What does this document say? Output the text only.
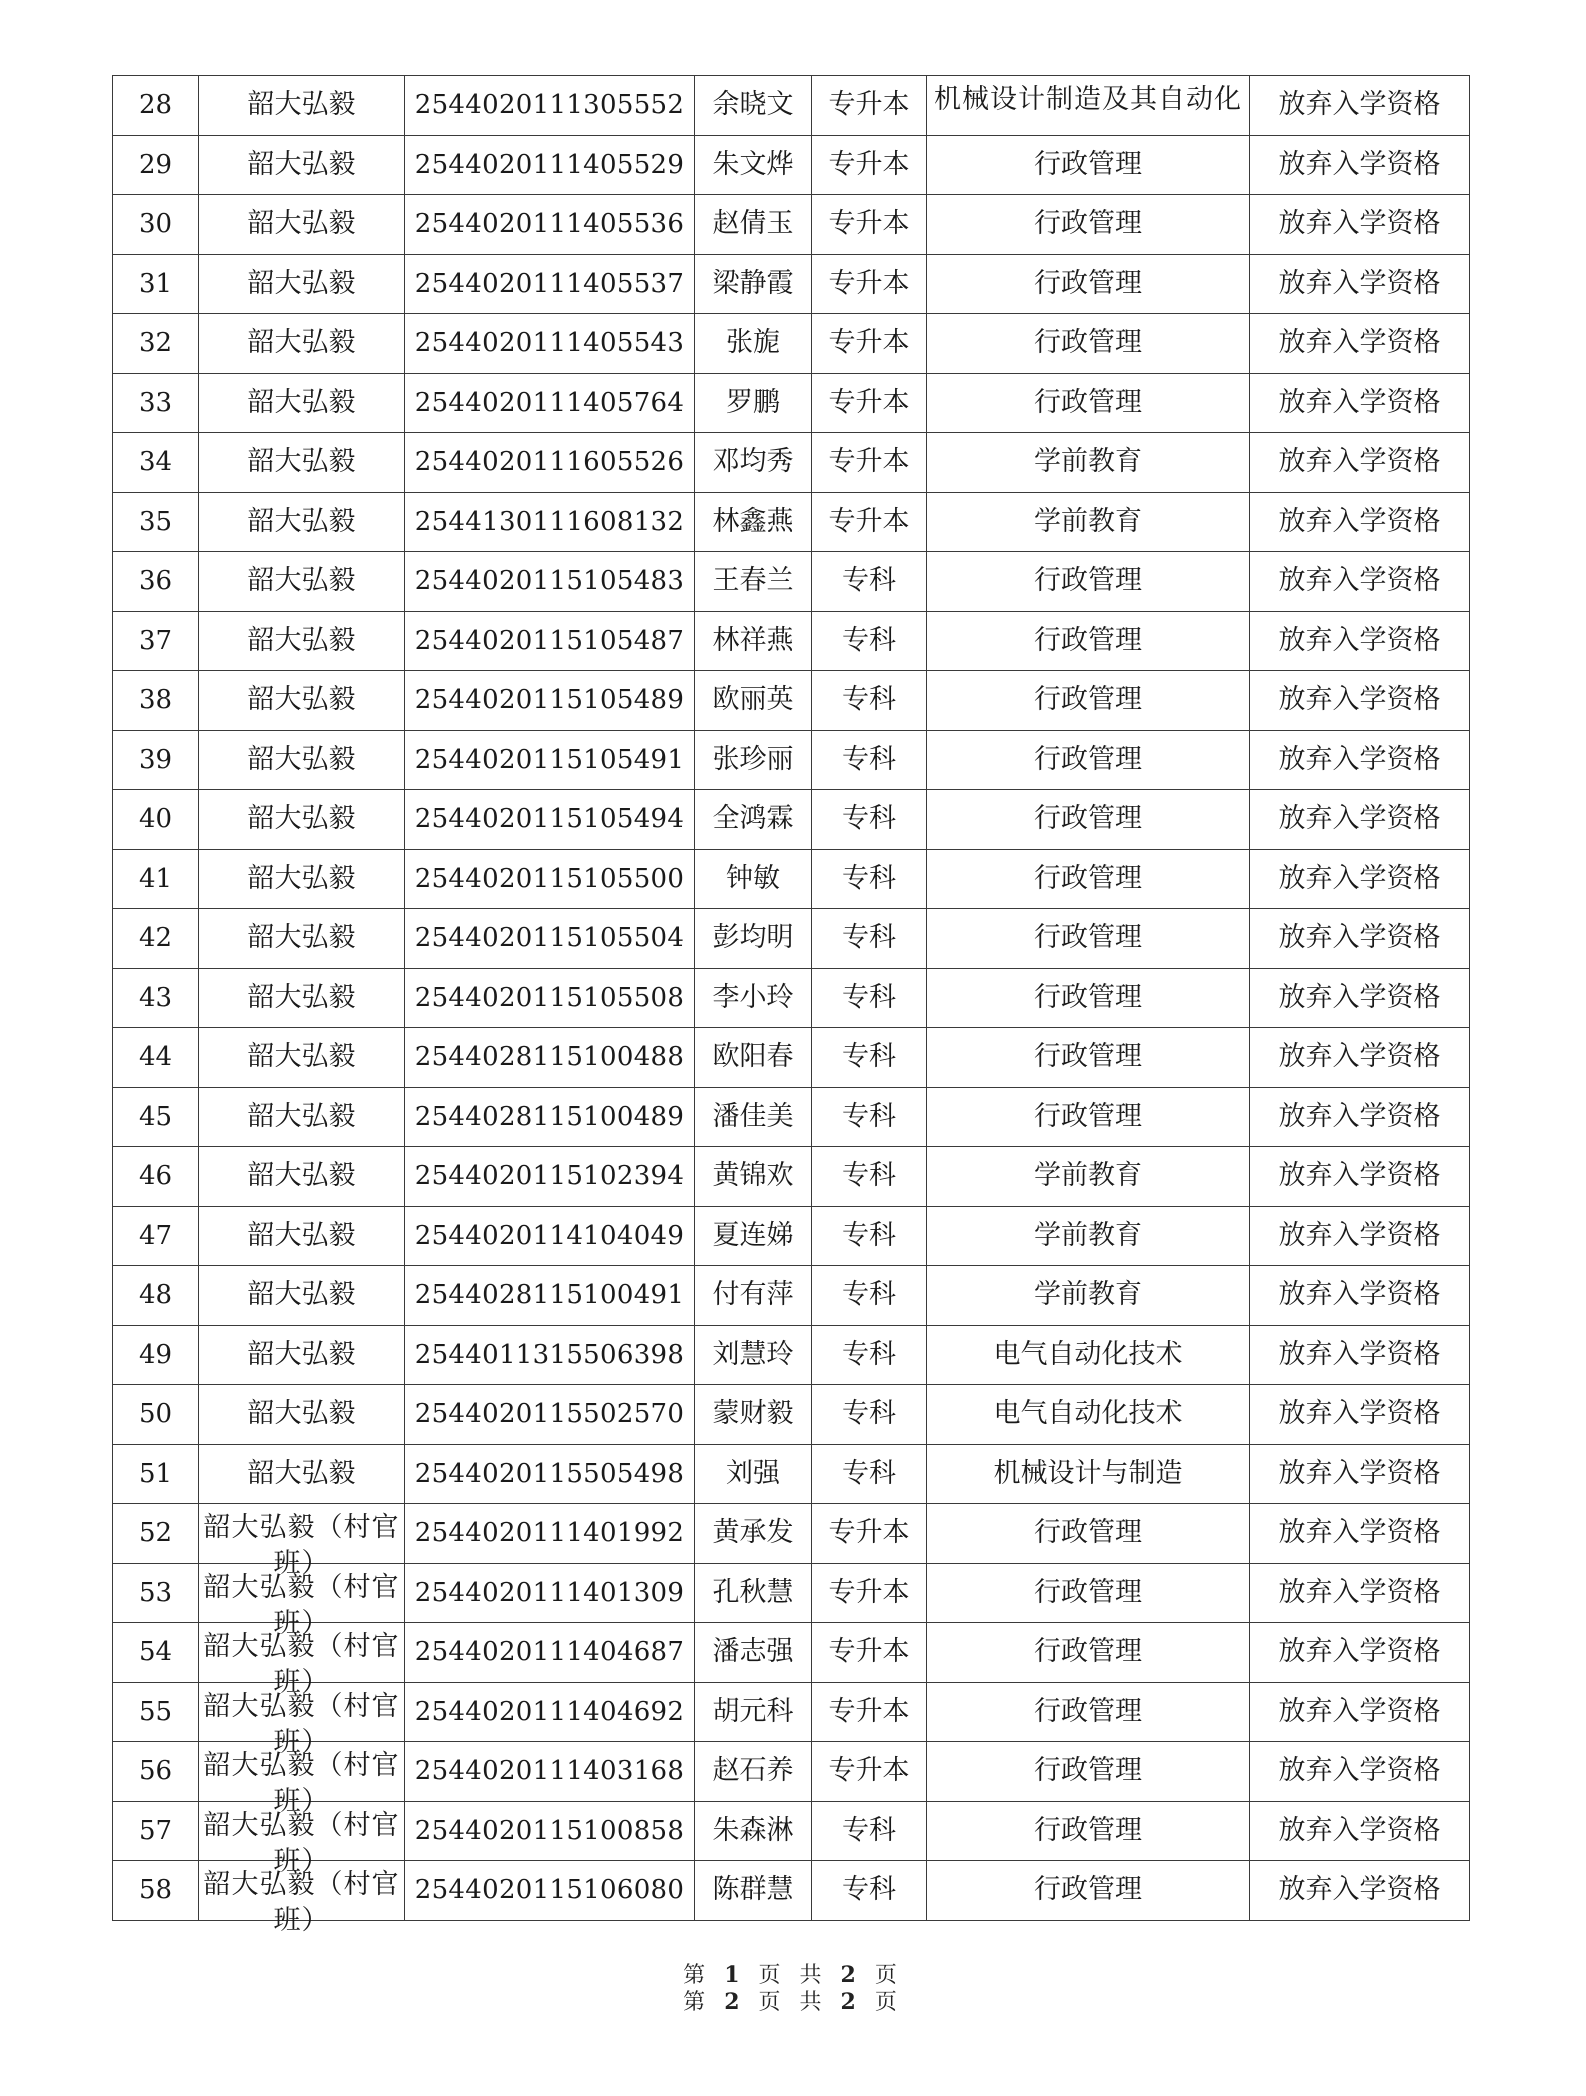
28	韶大弘毅	2544020111305552	余晓文	专升本	机械设计制造及其自动化	放弃入学资格
29	韶大弘毅	2544020111405529	朱文烨	专升本	行政管理	放弃入学资格
30	韶大弘毅	2544020111405536	赵倩玉	专升本	行政管理	放弃入学资格
31	韶大弘毅	2544020111405537	梁静霞	专升本	行政管理	放弃入学资格
32	韶大弘毅	2544020111405543	张旎	专升本	行政管理	放弃入学资格
33	韶大弘毅	2544020111405764	罗鹏	专升本	行政管理	放弃入学资格
34	韶大弘毅	2544020111605526	邓均秀	专升本	学前教育	放弃入学资格
35	韶大弘毅	2544130111608132	林鑫燕	专升本	学前教育	放弃入学资格
36	韶大弘毅	2544020115105483	王春兰	专科	行政管理	放弃入学资格
37	韶大弘毅	2544020115105487	林祥燕	专科	行政管理	放弃入学资格
38	韶大弘毅	2544020115105489	欧丽英	专科	行政管理	放弃入学资格
39	韶大弘毅	2544020115105491	张珍丽	专科	行政管理	放弃入学资格
40	韶大弘毅	2544020115105494	全鸿霖	专科	行政管理	放弃入学资格
41	韶大弘毅	2544020115105500	钟敏	专科	行政管理	放弃入学资格
42	韶大弘毅	2544020115105504	彭均明	专科	行政管理	放弃入学资格
43	韶大弘毅	2544020115105508	李小玲	专科	行政管理	放弃入学资格
44	韶大弘毅	2544028115100488	欧阳春	专科	行政管理	放弃入学资格
45	韶大弘毅	2544028115100489	潘佳美	专科	行政管理	放弃入学资格
46	韶大弘毅	2544020115102394	黄锦欢	专科	学前教育	放弃入学资格
47	韶大弘毅	2544020114104049	夏连娣	专科	学前教育	放弃入学资格
48	韶大弘毅	2544028115100491	付有萍	专科	学前教育	放弃入学资格
49	韶大弘毅	2544011315506398	刘慧玲	专科	电气自动化技术	放弃入学资格
50	韶大弘毅	2544020115502570	蒙财毅	专科	电气自动化技术	放弃入学资格
51	韶大弘毅	2544020115505498	刘强	专科	机械设计与制造	放弃入学资格
52	韶大弘毅（村官班）	2544020111401992	黄承发	专升本	行政管理	放弃入学资格
53	韶大弘毅（村官班）	2544020111401309	孔秋慧	专升本	行政管理	放弃入学资格
54	韶大弘毅（村官班）	2544020111404687	潘志强	专升本	行政管理	放弃入学资格
55	韶大弘毅（村官班）	2544020111404692	胡元科	专升本	行政管理	放弃入学资格
56	韶大弘毅（村官班）	2544020111403168	赵石养	专升本	行政管理	放弃入学资格
57	韶大弘毅（村官班）	2544020115100858	朱森淋	专科	行政管理	放弃入学资格
58	韶大弘毅（村官班）	2544020115106080	陈群慧	专科	行政管理	放弃入学资格
第 1 页 共 2 页
第 2 页 共 2 页
